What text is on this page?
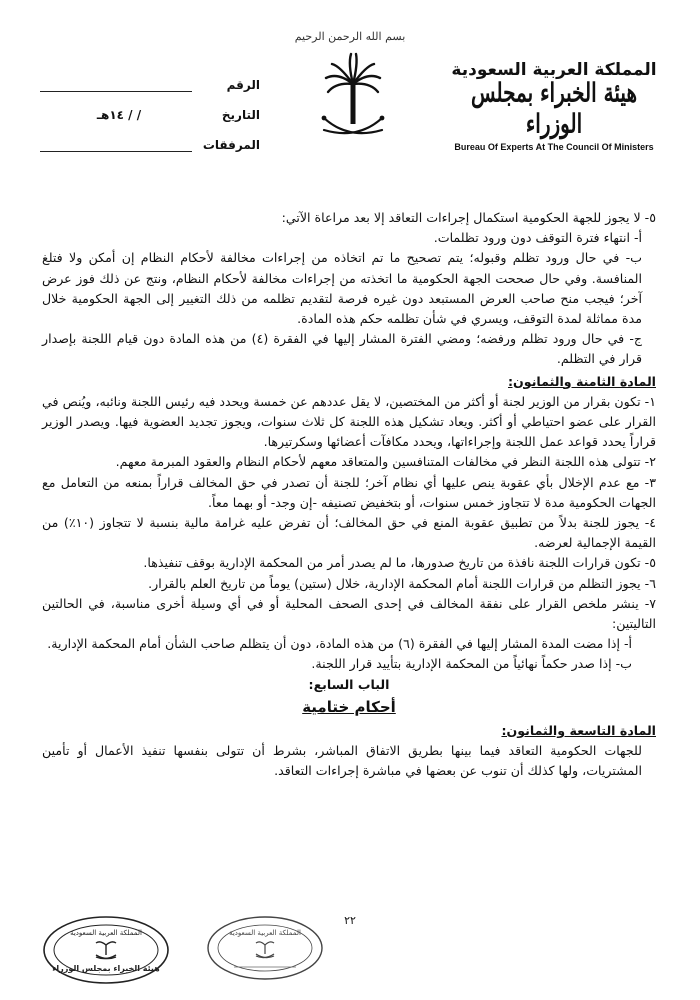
بسم الله الرحمن الرحيم
الرقم
التاريخ
/ / ١٤هـ
المرفقات
المملكة العربية السعودية
هيئة الخبراء بمجلس الوزراء
Bureau Of Experts At The Council Of Ministers

٥- لا يجوز للجهة الحكومية استكمال إجراءات التعاقد إلا بعد مراعاة الآتي:

أ- انتهاء فترة التوقف دون ورود تظلمات.

ب- في حال ورود تظلم وقبوله؛ يتم تصحيح ما تم اتخاذه من إجراءات مخالفة لأحكام النظام إن أمكن ولا فتلغ المنافسة. وفي حال صححت الجهة الحكومية ما اتخذته من إجراءات مخالفة لأحكام النظام، ونتج عن ذلك فوز عرض آخر؛ فيجب منح صاحب العرض المستبعد دون غيره فرصة لتقديم تظلمه من ذلك التغيير إلى الجهة الحكومية خلال مدة مماثلة لمدة التوقف، ويسري في شأن تظلمه حكم هذه المادة.

ج- في حال ورود تظلم ورفضه؛ ومضي الفترة المشار إليها في الفقرة (٤) من هذه المادة دون قيام اللجنة بإصدار قرار في التظلم.

المادة الثامنة والثمانون:

١- تكون بقرار من الوزير لجنة أو أكثر من المختصين، لا يقل عددهم عن خمسة ويحدد فيه رئيس اللجنة ونائبه، ويُنص في القرار على عضو احتياطي أو أكثر. ويعاد تشكيل هذه اللجنة كل ثلاث سنوات، ويجوز تجديد العضوية فيها. ويصدر الوزير قراراً يحدد قواعد عمل اللجنة وإجراءاتها، ويحدد مكافآت أعضائها وسكرتيرها.

٢- تتولى هذه اللجنة النظر في مخالفات المتنافسين والمتعاقد معهم لأحكام النظام والعقود المبرمة معهم.

٣- مع عدم الإخلال بأي عقوبة ينص عليها أي نظام آخر؛ للجنة أن تصدر في حق المخالف قراراً بمنعه من التعامل مع الجهات الحكومية مدة لا تتجاوز خمس سنوات، أو بتخفيض تصنيفه -إن وجد- أو بهما معاً.

٤- يجوز للجنة بدلاً من تطبيق عقوبة المنع في حق المخالف؛ أن تفرض عليه غرامة مالية بنسبة لا تتجاوز (١٠٪) من القيمة الإجمالية لعرضه.

٥- تكون قرارات اللجنة نافذة من تاريخ صدورها، ما لم يصدر أمر من المحكمة الإدارية بوقف تنفيذها.

٦- يجوز التظلم من قرارات اللجنة أمام المحكمة الإدارية، خلال (ستين) يوماً من تاريخ العلم بالقرار.

٧- ينشر ملخص القرار على نفقة المخالف في إحدى الصحف المحلية أو في أي وسيلة أخرى مناسبة، في الحالتين التاليتين:

أ- إذا مضت المدة المشار إليها في الفقرة (٦) من هذه المادة، دون أن يتظلم صاحب الشأن أمام المحكمة الإدارية.

ب- إذا صدر حكماً نهائياً من المحكمة الإدارية بتأييد قرار اللجنة.

الباب السابع:

أحكام ختامية

المادة التاسعة والثمانون:

للجهات الحكومية التعاقد فيما بينها بطريق الاتفاق المباشر، بشرط أن تتولى بنفسها تنفيذ الأعمال أو تأمين المشتريات، ولها كذلك أن تنوب عن بعضها في مباشرة إجراءات التعاقد.

٢٢
المملكة العربية السعودية
هيئة الخبراء بمجلس الوزراء
المملكة العربية السعودية
